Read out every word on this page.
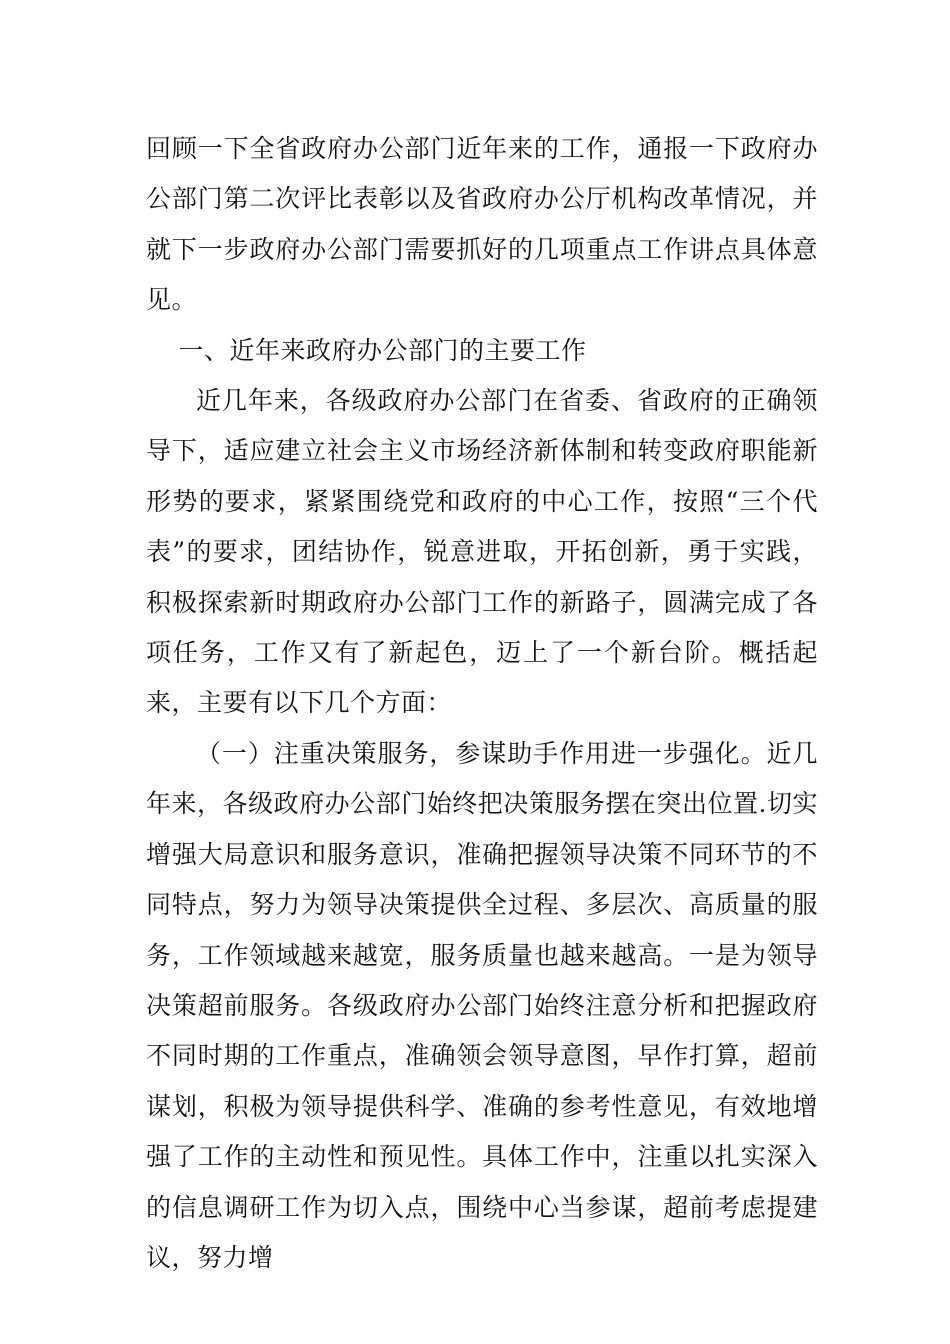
回顾一下全省政府办公部门近年来的工作，通报一下政府办公部门第二次评比表彰以及省政府办公厅机构改革情况，并就下一步政府办公部门需要抓好的几项重点工作讲点具体意见。

一、近年来政府办公部门的主要工作

近几年来，各级政府办公部门在省委、省政府的正确领导下，适应建立社会主义市场经济新体制和转变政府职能新形势的要求，紧紧围绕党和政府的中心工作，按照“三个代表”的要求，团结协作，锐意进取，开拓创新，勇于实践，积极探索新时期政府办公部门工作的新路子，圆满完成了各项任务，工作又有了新起色，迈上了一个新台阶。概括起来，主要有以下几个方面：

（一）注重决策服务，参谋助手作用进一步强化。近几年来，各级政府办公部门始终把决策服务摆在突出位置.切实增强大局意识和服务意识，准确把握领导决策不同环节的不同特点，努力为领导决策提供全过程、多层次、高质量的服务，工作领域越来越宽，服务质量也越来越高。一是为领导决策超前服务。各级政府办公部门始终注意分析和把握政府不同时期的工作重点，准确领会领导意图，早作打算，超前谋划，积极为领导提供科学、准确的参考性意见，有效地增强了工作的主动性和预见性。具体工作中，注重以扎实深入的信息调研工作为切入点，围绕中心当参谋，超前考虑提建议，努力增
